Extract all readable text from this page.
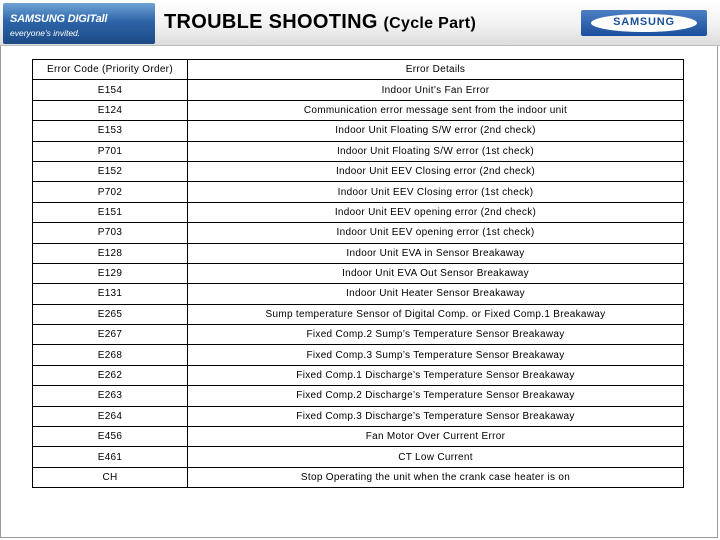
SAMSUNG DIGITall
everyone's invited.	TROUBLE SHOOTING (Cycle Part)	SAMSUNG
Error Code (Priority Order)	Error Details
E154	Indoor Unit’s Fan Error
E124	Communication error message sent from the indoor unit
E153	Indoor Unit Floating S/W error (2nd check)
P701	Indoor Unit Floating S/W error (1st check)
E152	Indoor Unit EEV Closing error (2nd check)
P702	Indoor Unit EEV Closing error (1st check)
E151	Indoor Unit EEV opening error (2nd check)
P703	Indoor Unit EEV opening error (1st check)
E128	Indoor Unit EVA in Sensor Breakaway
E129	Indoor Unit EVA Out Sensor Breakaway
E131	Indoor Unit Heater Sensor Breakaway
E265	Sump temperature Sensor of Digital Comp. or Fixed Comp.1 Breakaway
E267	Fixed Comp.2 Sump’s Temperature Sensor Breakaway
E268	Fixed Comp.3 Sump’s Temperature Sensor Breakaway
E262	Fixed Comp.1 Discharge’s Temperature Sensor Breakaway
E263	Fixed Comp.2 Discharge’s Temperature Sensor Breakaway
E264	Fixed Comp.3 Discharge’s Temperature Sensor Breakaway
E456	Fan Motor Over Current Error
E461	CT Low Current
CH	Stop Operating the unit when the crank case heater is on
